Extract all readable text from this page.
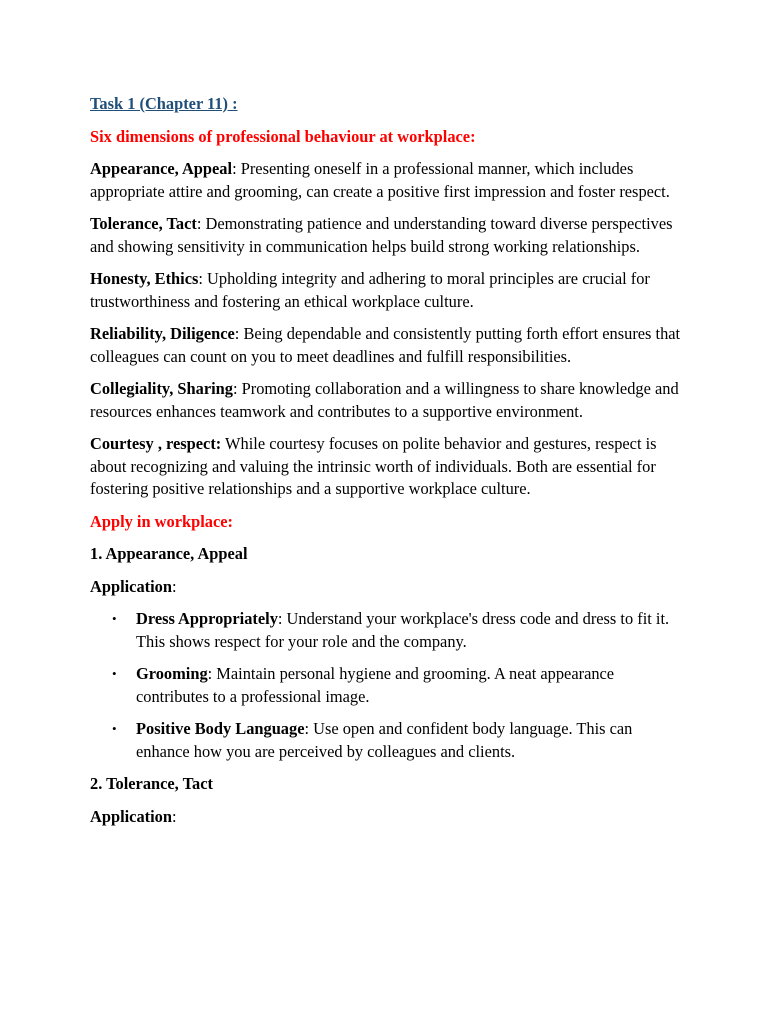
Task 1 (Chapter 11) :

Six dimensions of professional behaviour at workplace:

Appearance, Appeal: Presenting oneself in a professional manner, which includes appropriate attire and grooming, can create a positive first impression and foster respect.

Tolerance, Tact: Demonstrating patience and understanding toward diverse perspectives and showing sensitivity in communication helps build strong working relationships.

Honesty, Ethics: Upholding integrity and adhering to moral principles are crucial for trustworthiness and fostering an ethical workplace culture.

Reliability, Diligence: Being dependable and consistently putting forth effort ensures that colleagues can count on you to meet deadlines and fulfill responsibilities.

Collegiality, Sharing: Promoting collaboration and a willingness to share knowledge and resources enhances teamwork and contributes to a supportive environment.

Courtesy , respect: While courtesy focuses on polite behavior and gestures, respect is about recognizing and valuing the intrinsic worth of individuals. Both are essential for fostering positive relationships and a supportive workplace culture.

Apply in workplace:

1. Appearance, Appeal

Application:

• Dress Appropriately: Understand your workplace's dress code and dress to fit it. This shows respect for your role and the company.
• Grooming: Maintain personal hygiene and grooming. A neat appearance contributes to a professional image.
• Positive Body Language: Use open and confident body language. This can enhance how you are perceived by colleagues and clients.

2. Tolerance, Tact

Application:
